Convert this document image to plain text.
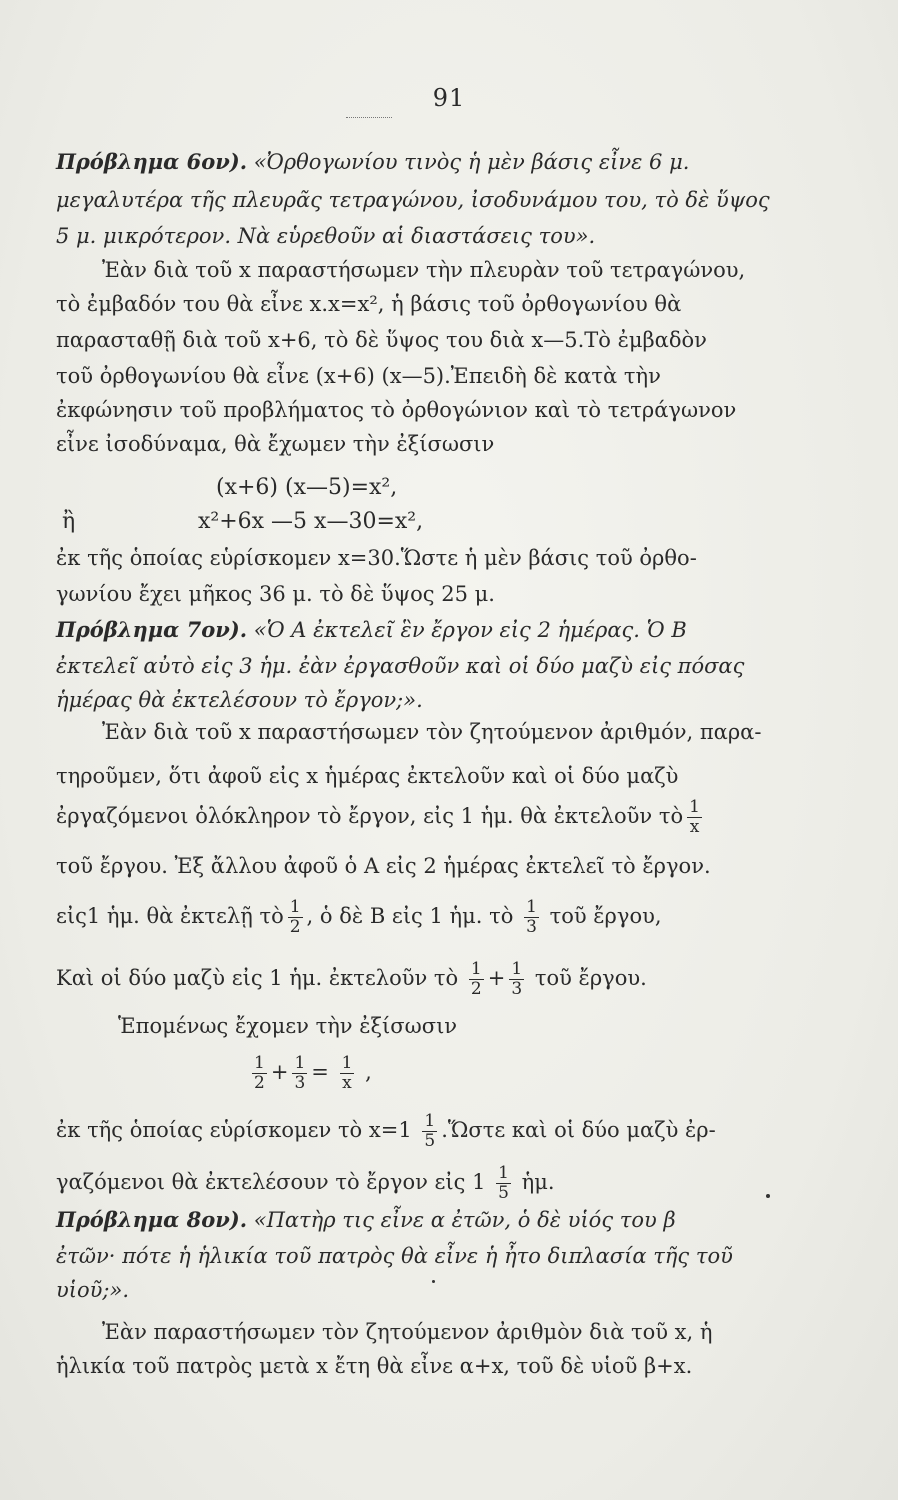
91
Πρόβλημα 6ον). «Ὀρθογωνίου τινὸς ἡ μὲν βάσις εἶνε 6 μ.
μεγαλυτέρα τῆς πλευρᾶς τετραγώνου, ἰσοδυνάμου του, τὸ δὲ ὕψος
5 μ. μικρότερον. Νὰ εὑρεθοῦν αἱ διαστάσεις του».
Ἐὰν διὰ τοῦ x παραστήσωμεν τὴν πλευρὰν τοῦ τετραγώνου,
τὸ ἐμβαδόν του θὰ εἶνε x.x=x², ἡ βάσις τοῦ ὀρθογωνίου θὰ
παρασταθῇ διὰ τοῦ x+6, τὸ δὲ ὕψος του διὰ x—5.Τὸ ἐμβαδὸν
τοῦ ὀρθογωνίου θὰ εἶνε (x+6) (x—5).Ἐπειδὴ δὲ κατὰ τὴν
ἐκφώνησιν τοῦ προβλήματος τὸ ὀρθογώνιον καὶ τὸ τετράγωνον
εἶνε ἰσοδύναμα, θὰ ἔχωμεν τὴν ἐξίσωσιν
(x+6) (x—5)=x²,
ἢ	x²+6x —5 x—30=x²,
ἐκ τῆς ὁποίας εὑρίσκομεν x=30.Ὥστε ἡ μὲν βάσις τοῦ ὀρθο-
γωνίου ἔχει μῆκος 36 μ. τὸ δὲ ὕψος 25 μ.
Πρόβλημα 7ον). «Ὁ Α ἐκτελεῖ ἓν ἔργον εἰς 2 ἡμέρας. Ὁ Β
ἐκτελεῖ αὐτὸ εἰς 3 ἡμ. ἐὰν ἐργασθοῦν καὶ οἱ δύο μαζὺ εἰς πόσας
ἡμέρας θὰ ἐκτελέσουν τὸ ἔργον;».
Ἐὰν διὰ τοῦ x παραστήσωμεν τὸν ζητούμενον ἀριθμόν, παρα-
τηροῦμεν, ὅτι ἀφοῦ εἰς x ἡμέρας ἐκτελοῦν καὶ οἱ δύο μαζὺ
ἐργαζόμενοι ὁλόκληρον τὸ ἔργον, εἰς 1 ἡμ. θὰ ἐκτελοῦν τὸ $\frac{1}{x}$
τοῦ ἔργου. Ἐξ ἄλλου ἀφοῦ ὁ Α εἰς 2 ἡμέρας ἐκτελεῖ τὸ ἔργον.
εἰς1 ἡμ. θὰ ἐκτελῇ τὸ $\frac{1}{2}$ , ὁ δὲ Β εἰς 1 ἡμ. τὸ $\frac{1}{3}$ τοῦ ἔργου,
Καὶ οἱ δύο μαζὺ εἰς 1 ἡμ. ἐκτελοῦν τὸ $\frac{1}{2} + \frac{1}{3}$ τοῦ ἔργου.
Ἑπομένως ἔχομεν τὴν ἐξίσωσιν
$\frac{1}{2} + \frac{1}{3} = \frac{1}{x}$ ,
ἐκ τῆς ὁποίας εὑρίσκομεν τὸ $x=1 \frac{1}{5}$ .Ὥστε καὶ οἱ δύο μαζὺ ἐρ-
γαζόμενοι θὰ ἐκτελέσουν τὸ ἔργον εἰς $1 \frac{1}{5}$ ἡμ.
Πρόβλημα 8ον). «Πατὴρ τις εἶνε α ἐτῶν, ὁ δὲ υἱός του β
ἐτῶν· πότε ἡ ἡλικία τοῦ πατρὸς θὰ εἶνε ἡ ἦτο διπλασία τῆς τοῦ
υἱοῦ;».
Ἐὰν παραστήσωμεν τὸν ζητούμενον ἀριθμὸν διὰ τοῦ x, ἡ
ἡλικία τοῦ πατρὸς μετὰ x ἔτη θὰ εἶνε α+x, τοῦ δὲ υἱοῦ β+x.
